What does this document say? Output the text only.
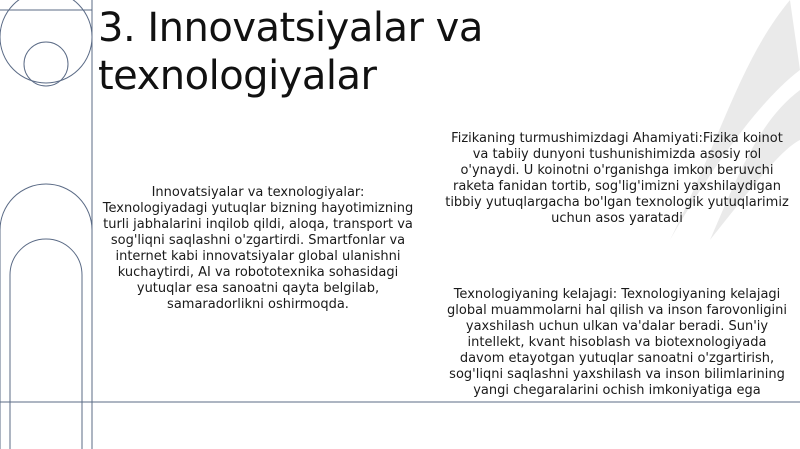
3. Innovatsiyalar va texnologiyalar

Innovatsiyalar va texnologiyalar: Texnologiyadagi yutuqlar bizning hayotimizning turli jabhalarini inqilob qildi, aloqa, transport va sog'liqni saqlashni o'zgartirdi. Smartfonlar va internet kabi innovatsiyalar global ulanishni kuchaytirdi, AI va robototexnika sohasidagi yutuqlar esa sanoatni qayta belgilab, samaradorlikni oshirmoqda.

Fizikaning turmushimizdagi Ahamiyati:Fizika koinot va tabiiy dunyoni tushunishimizda asosiy rol o'ynaydi. U koinotni o'rganishga imkon beruvchi raketa fanidan tortib, sog'lig'imizni yaxshilaydigan tibbiy yutuqlargacha bo'lgan texnologik yutuqlarimiz uchun asos yaratadi

Texnologiyaning kelajagi: Texnologiyaning kelajagi global muammolarni hal qilish va inson farovonligini yaxshilash uchun ulkan va'dalar beradi. Sun'iy intellekt, kvant hisoblash va biotexnologiyada davom etayotgan yutuqlar sanoatni o'zgartirish, sog'liqni saqlashni yaxshilash va inson bilimlarining yangi chegaralarini ochish imkoniyatiga ega
